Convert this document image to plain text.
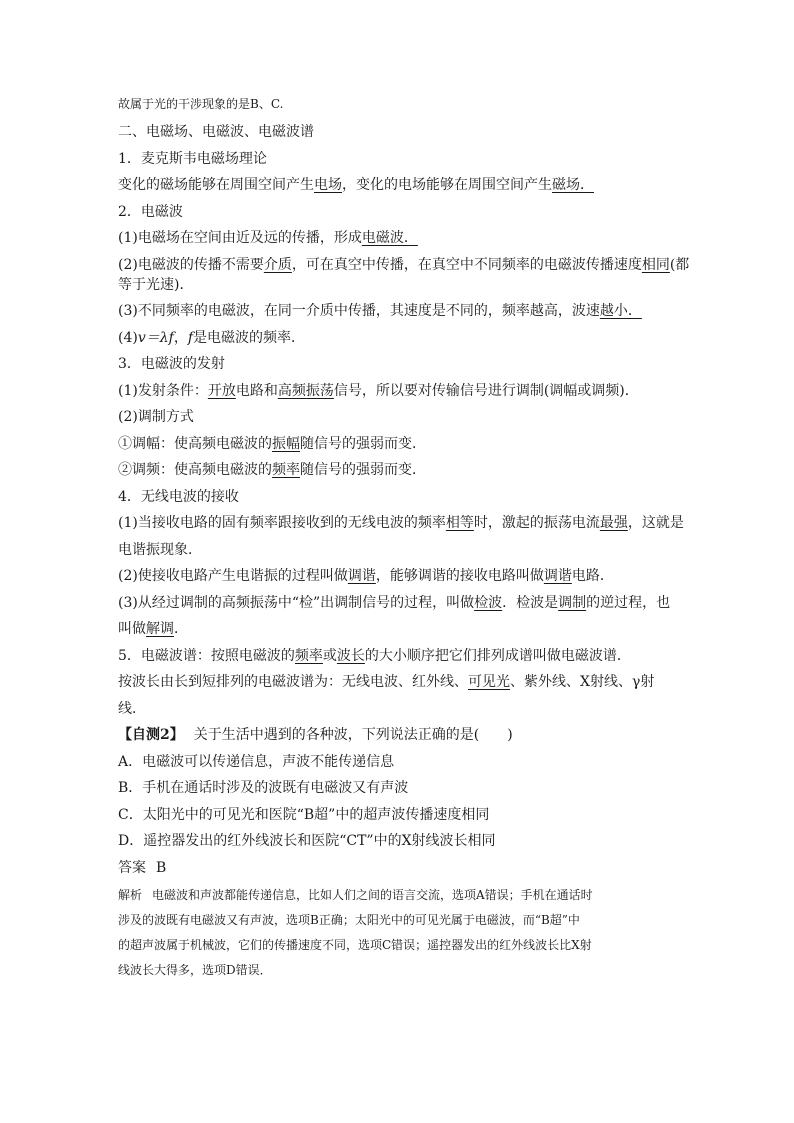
故属于光的干涉现象的是B、C.
二、电磁场、电磁波、电磁波谱
1．麦克斯韦电磁场理论
变化的磁场能够在周围空间产生电场，变化的电场能够在周围空间产生磁场．
2．电磁波
(1)电磁场在空间由近及远的传播，形成电磁波．
(2)电磁波的传播不需要介质，可在真空中传播，在真空中不同频率的电磁波传播速度相同(都
等于光速)．
(3)不同频率的电磁波，在同一介质中传播，其速度是不同的，频率越高，波速越小．
(4)v＝λf，f是电磁波的频率．
3．电磁波的发射
(1)发射条件：开放电路和高频振荡信号，所以要对传输信号进行调制(调幅或调频)．
(2)调制方式
①调幅：使高频电磁波的振幅随信号的强弱而变．
②调频：使高频电磁波的频率随信号的强弱而变．
4．无线电波的接收
(1)当接收电路的固有频率跟接收到的无线电波的频率相等时，激起的振荡电流最强，这就是
电谐振现象．
(2)使接收电路产生电谐振的过程叫做调谐，能够调谐的接收电路叫做调谐电路．
(3)从经过调制的高频振荡中“检”出调制信号的过程，叫做检波．检波是调制的逆过程，也
叫做解调．
5．电磁波谱：按照电磁波的频率或波长的大小顺序把它们排列成谱叫做电磁波谱．
按波长由长到短排列的电磁波谱为：无线电波、红外线、可见光、紫外线、X射线、γ射
线．
【自测2】 关于生活中遇到的各种波，下列说法正确的是(　　)
A．电磁波可以传递信息，声波不能传递信息
B．手机在通话时涉及的波既有电磁波又有声波
C．太阳光中的可见光和医院“B超”中的超声波传播速度相同
D．遥控器发出的红外线波长和医院“CT”中的X射线波长相同
答案 B
解析 电磁波和声波都能传递信息，比如人们之间的语言交流，选项A错误；手机在通话时
涉及的波既有电磁波又有声波，选项B正确；太阳光中的可见光属于电磁波，而“B超”中
的超声波属于机械波，它们的传播速度不同，选项C错误；遥控器发出的红外线波长比X射
线波长大得多，选项D错误．
